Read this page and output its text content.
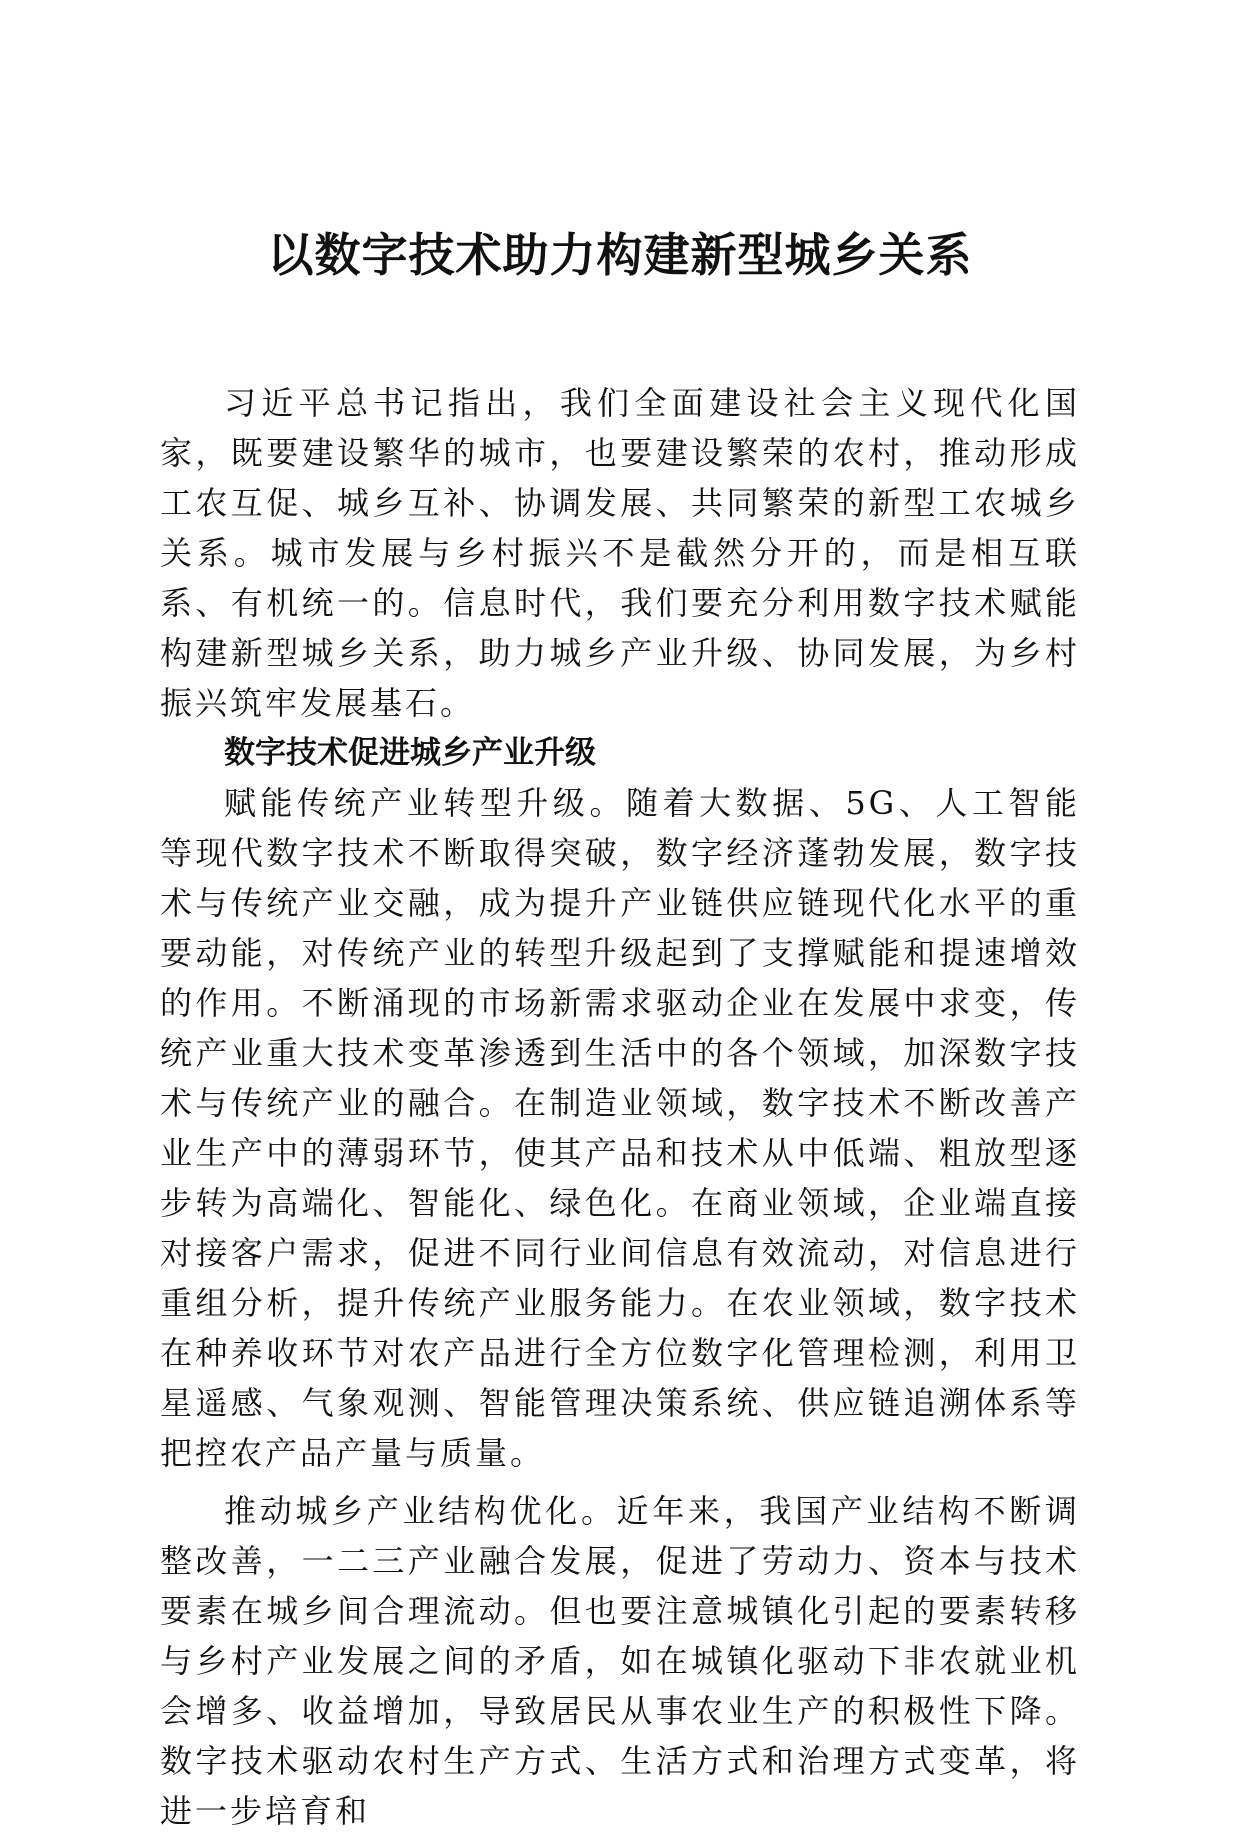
以数字技术助力构建新型城乡关系

习近平总书记指出，我们全面建设社会主义现代化国家，既要建设繁华的城市，也要建设繁荣的农村，推动形成工农互促、城乡互补、协调发展、共同繁荣的新型工农城乡关系。城市发展与乡村振兴不是截然分开的，而是相互联系、有机统一的。信息时代，我们要充分利用数字技术赋能构建新型城乡关系，助力城乡产业升级、协同发展，为乡村振兴筑牢发展基石。

数字技术促进城乡产业升级

赋能传统产业转型升级。随着大数据、5G、人工智能等现代数字技术不断取得突破，数字经济蓬勃发展，数字技术与传统产业交融，成为提升产业链供应链现代化水平的重要动能，对传统产业的转型升级起到了支撑赋能和提速增效的作用。不断涌现的市场新需求驱动企业在发展中求变，传统产业重大技术变革渗透到生活中的各个领域，加深数字技术与传统产业的融合。在制造业领域，数字技术不断改善产业生产中的薄弱环节，使其产品和技术从中低端、粗放型逐步转为高端化、智能化、绿色化。在商业领域，企业端直接对接客户需求，促进不同行业间信息有效流动，对信息进行重组分析，提升传统产业服务能力。在农业领域，数字技术在种养收环节对农产品进行全方位数字化管理检测，利用卫星遥感、气象观测、智能管理决策系统、供应链追溯体系等把控农产品产量与质量。

推动城乡产业结构优化。近年来，我国产业结构不断调整改善，一二三产业融合发展，促进了劳动力、资本与技术要素在城乡间合理流动。但也要注意城镇化引起的要素转移与乡村产业发展之间的矛盾，如在城镇化驱动下非农就业机会增多、收益增加，导致居民从事农业生产的积极性下降。数字技术驱动农村生产方式、生活方式和治理方式变革，将进一步培育和
